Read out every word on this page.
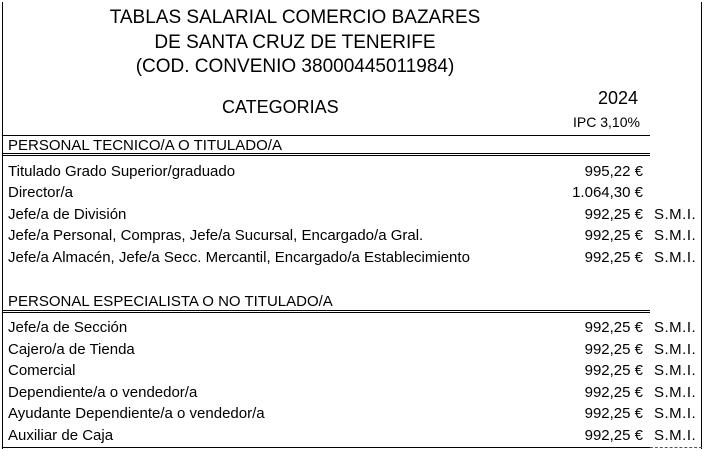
TABLAS SALARIAL COMERCIO BAZARES
DE SANTA CRUZ DE TENERIFE
(COD. CONVENIO 38000445011984)
CATEGORIAS	2024
IPC 3,10%
PERSONAL TECNICO/A O TITULADO/A
Titulado Grado Superior/graduado	995,22 €
Director/a	1.064,30 €
Jefe/a de División	992,25 € S.M.I.
Jefe/a Personal, Compras, Jefe/a Sucursal, Encargado/a Gral.	992,25 € S.M.I.
Jefe/a Almacén, Jefe/a Secc. Mercantil, Encargado/a Establecimiento	992,25 € S.M.I.
PERSONAL ESPECIALISTA O NO TITULADO/A
Jefe/a de Sección	992,25 € S.M.I.
Cajero/a de Tienda	992,25 € S.M.I.
Comercial	992,25 € S.M.I.
Dependiente/a o vendedor/a	992,25 € S.M.I.
Ayudante Dependiente/a o vendedor/a	992,25 € S.M.I.
Auxiliar de Caja	992,25 € S.M.I.
